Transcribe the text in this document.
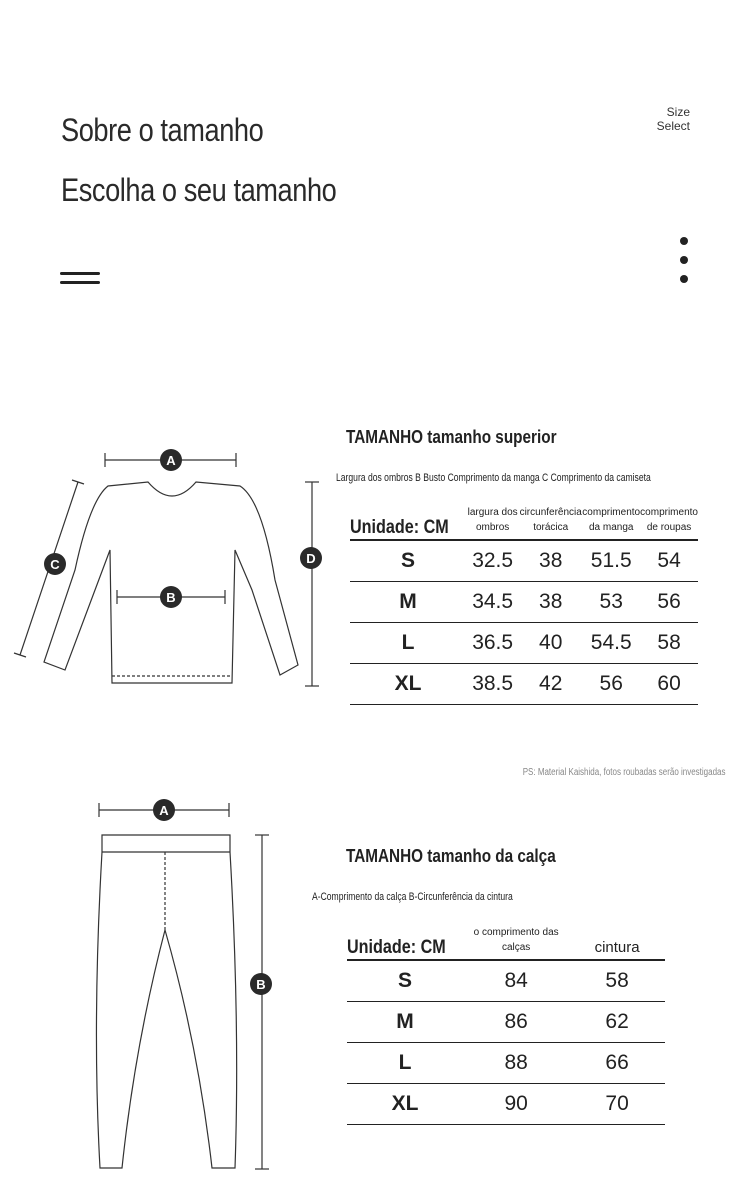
Sobre o tamanho
Escolha o seu tamanho
Size
Select
A
B
C	D
TAMANHO tamanho superior
Largura dos ombros B Busto Comprimento da manga C Comprimento da camiseta
Unidade: CM	largura dos ombros	circunferência torácica	comprimento da manga	comprimento de roupas
S	32.5	38	51.5	54
M	34.5	38	53	56
L	36.5	40	54.5	58
XL	38.5	42	56	60
PS: Material Kaishida, fotos roubadas serão investigadas
A
B
TAMANHO tamanho da calça
A-Comprimento da calça B-Circunferência da cintura
Unidade: CM	o comprimento das calças	cintura
S	84	58
M	86	62
L	88	66
XL	90	70
